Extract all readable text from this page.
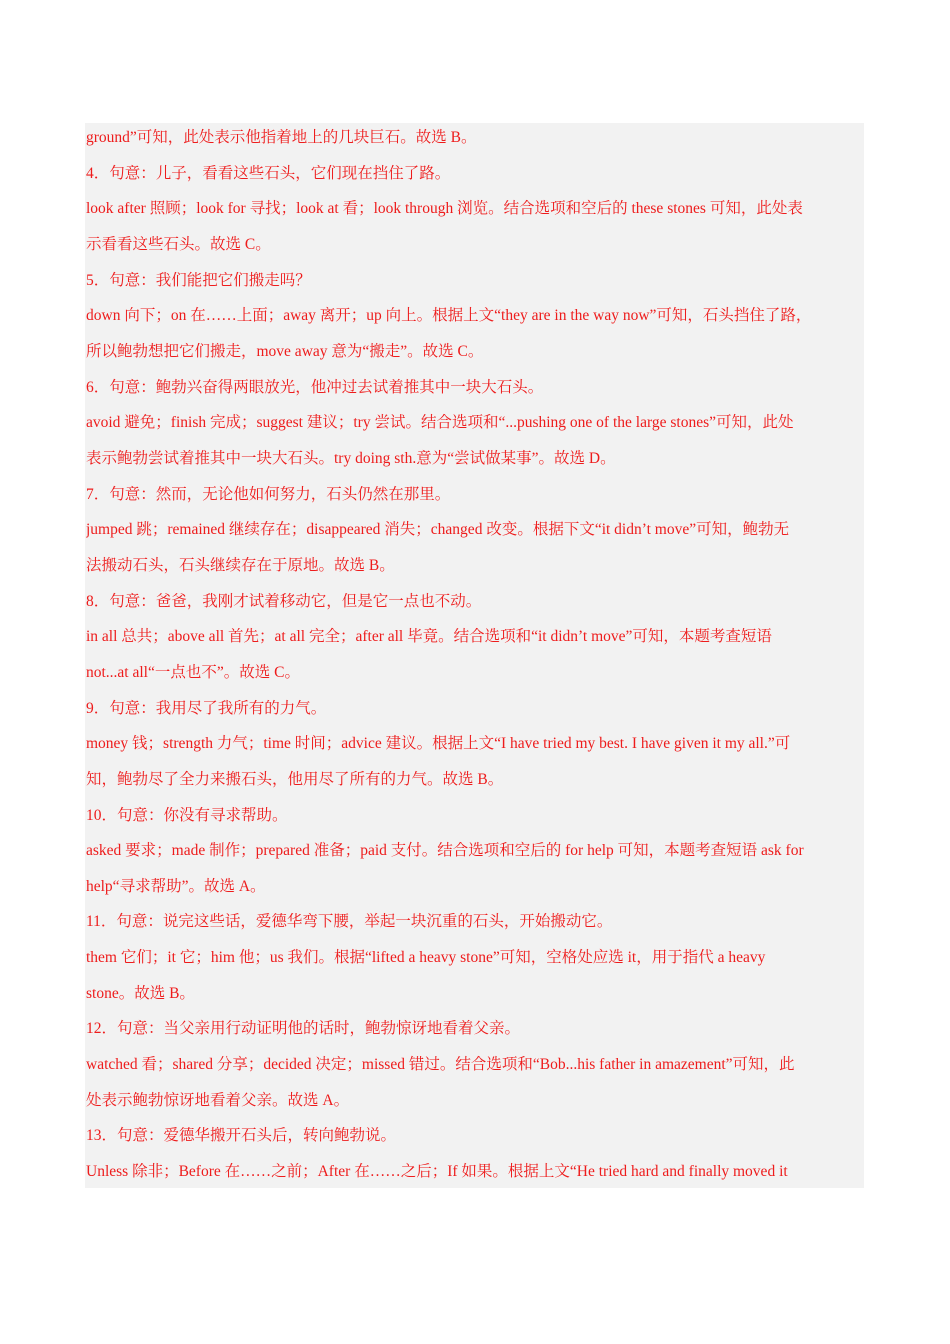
ground”可知，此处表示他指着地上的几块巨石。故选 B。
4．句意：儿子，看看这些石头，它们现在挡住了路。
look after 照顾；look for 寻找；look at 看；look through 浏览。结合选项和空后的 these stones 可知，此处表
示看看这些石头。故选 C。
5．句意：我们能把它们搬走吗？
down 向下；on 在……上面；away 离开；up 向上。根据上文“they are in the way now”可知，石头挡住了路，
所以鲍勃想把它们搬走，move away 意为“搬走”。故选 C。
6．句意：鲍勃兴奋得两眼放光，他冲过去试着推其中一块大石头。
avoid 避免；finish 完成；suggest 建议；try 尝试。结合选项和“...pushing one of the large stones”可知，此处
表示鲍勃尝试着推其中一块大石头。try doing sth.意为“尝试做某事”。故选 D。
7．句意：然而，无论他如何努力，石头仍然在那里。
jumped 跳；remained 继续存在；disappeared 消失；changed 改变。根据下文“it didn’t move”可知，鲍勃无
法搬动石头，石头继续存在于原地。故选 B。
8．句意：爸爸，我刚才试着移动它，但是它一点也不动。
in all 总共；above all 首先；at all 完全；after all 毕竟。结合选项和“it didn’t move”可知，本题考查短语
not...at all“一点也不”。故选 C。
9．句意：我用尽了我所有的力气。
money 钱；strength 力气；time 时间；advice 建议。根据上文“I have tried my best. I have given it my all.”可
知，鲍勃尽了全力来搬石头，他用尽了所有的力气。故选 B。
10．句意：你没有寻求帮助。
asked 要求；made 制作；prepared 准备；paid 支付。结合选项和空后的 for help 可知，本题考查短语 ask for
help“寻求帮助”。故选 A。
11．句意：说完这些话，爱德华弯下腰，举起一块沉重的石头，开始搬动它。
them 它们；it 它；him 他；us 我们。根据“lifted a heavy stone”可知，空格处应选 it，用于指代 a heavy
stone。故选 B。
12．句意：当父亲用行动证明他的话时，鲍勃惊讶地看着父亲。
watched 看；shared 分享；decided 决定；missed 错过。结合选项和“Bob...his father in amazement”可知，此
处表示鲍勃惊讶地看着父亲。故选 A。
13．句意：爱德华搬开石头后，转向鲍勃说。
Unless 除非；Before 在……之前；After 在……之后；If 如果。根据上文“He tried hard and finally moved it
